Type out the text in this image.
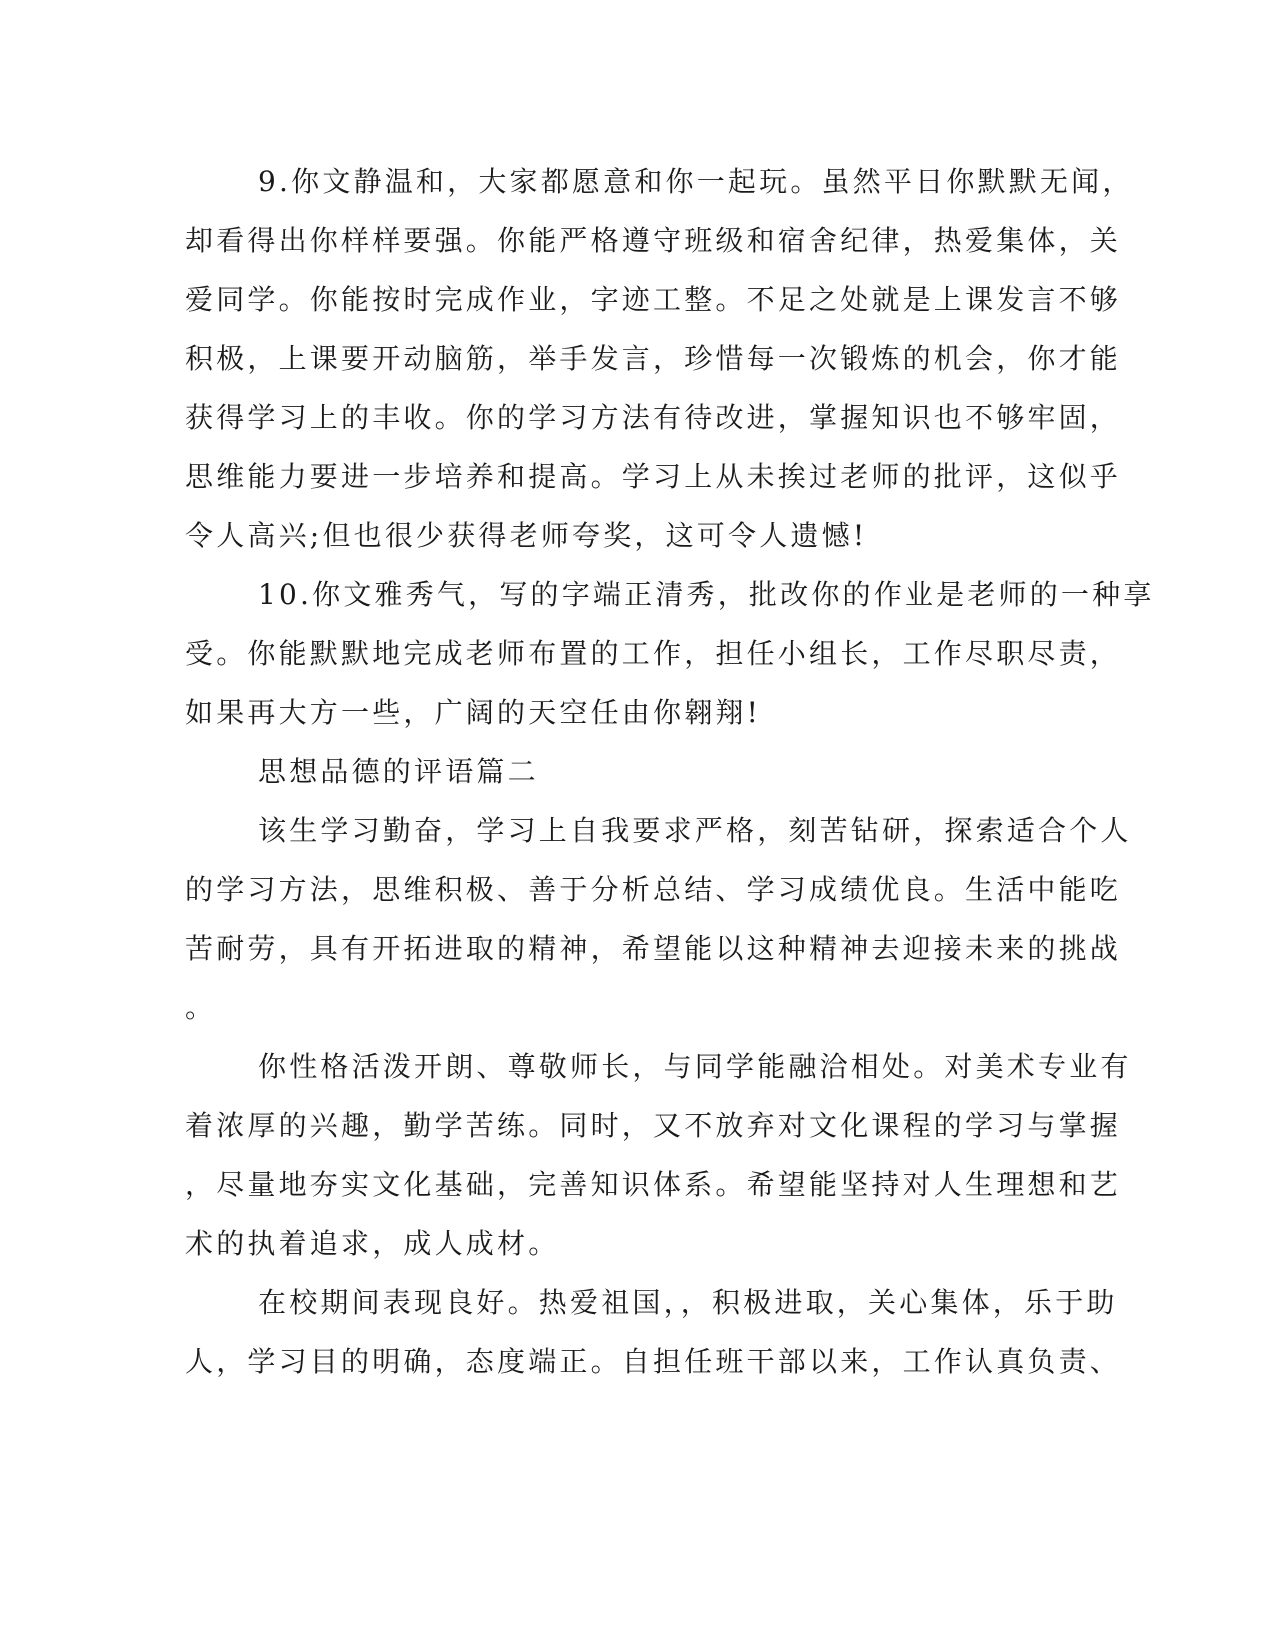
9.你文静温和，大家都愿意和你一起玩。虽然平日你默默无闻，
却看得出你样样要强。你能严格遵守班级和宿舍纪律，热爱集体，关
爱同学。你能按时完成作业，字迹工整。不足之处就是上课发言不够
积极，上课要开动脑筋，举手发言，珍惜每一次锻炼的机会，你才能
获得学习上的丰收。你的学习方法有待改进，掌握知识也不够牢固，
思维能力要进一步培养和提高。学习上从未挨过老师的批评，这似乎
令人高兴;但也很少获得老师夸奖，这可令人遗憾!
10.你文雅秀气，写的字端正清秀，批改你的作业是老师的一种享
受。你能默默地完成老师布置的工作，担任小组长，工作尽职尽责，
如果再大方一些，广阔的天空任由你翱翔!
思想品德的评语篇二
该生学习勤奋，学习上自我要求严格，刻苦钻研，探索适合个人
的学习方法，思维积极、善于分析总结、学习成绩优良。生活中能吃
苦耐劳，具有开拓进取的精神，希望能以这种精神去迎接未来的挑战
。
你性格活泼开朗、尊敬师长，与同学能融洽相处。对美术专业有
着浓厚的兴趣，勤学苦练。同时，又不放弃对文化课程的学习与掌握
，尽量地夯实文化基础，完善知识体系。希望能坚持对人生理想和艺
术的执着追求，成人成材。
在校期间表现良好。热爱祖国，，积极进取，关心集体，乐于助
人，学习目的明确，态度端正。自担任班干部以来，工作认真负责、
